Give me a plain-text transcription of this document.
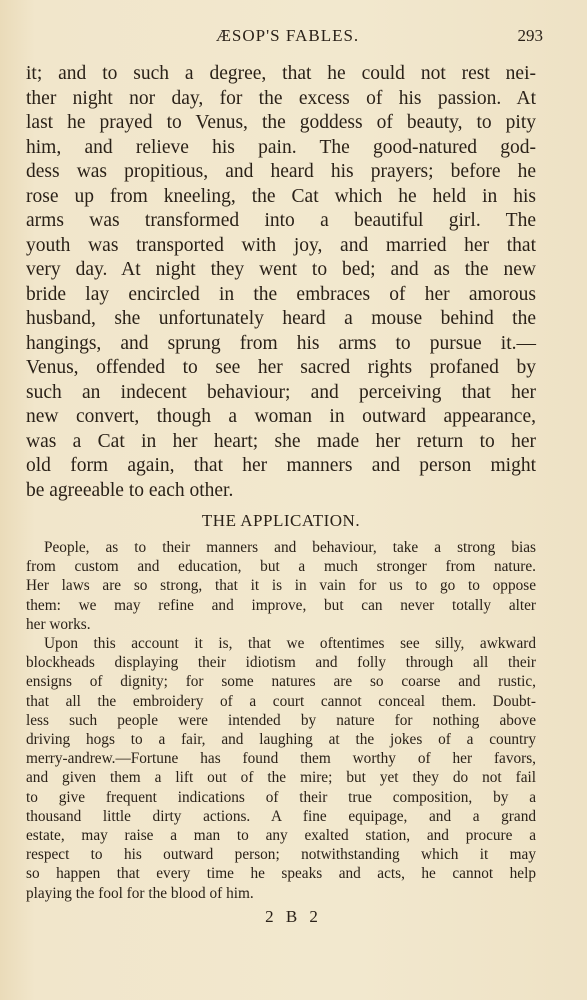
ÆSOP'S FABLES.	293
it; and to such a degree, that he could not rest nei-
ther night nor day, for the excess of his passion. At
last he prayed to Venus, the goddess of beauty, to pity
him, and relieve his pain. The good-natured god-
dess was propitious, and heard his prayers; before he
rose up from kneeling, the Cat which he held in his
arms was transformed into a beautiful girl. The
youth was transported with joy, and married her that
very day. At night they went to bed; and as the new
bride lay encircled in the embraces of her amorous
husband, she unfortunately heard a mouse behind the
hangings, and sprung from his arms to pursue it.—
Venus, offended to see her sacred rights profaned by
such an indecent behaviour; and perceiving that her
new convert, though a woman in outward appearance,
was a Cat in her heart; she made her return to her
old form again, that her manners and person might
be agreeable to each other.
THE APPLICATION.
People, as to their manners and behaviour, take a strong bias
from custom and education, but a much stronger from nature.
Her laws are so strong, that it is in vain for us to go to oppose
them: we may refine and improve, but can never totally alter
her works.
Upon this account it is, that we oftentimes see silly, awkward
blockheads displaying their idiotism and folly through all their
ensigns of dignity; for some natures are so coarse and rustic,
that all the embroidery of a court cannot conceal them. Doubt-
less such people were intended by nature for nothing above
driving hogs to a fair, and laughing at the jokes of a country
merry-andrew.—Fortune has found them worthy of her favors,
and given them a lift out of the mire; but yet they do not fail
to give frequent indications of their true composition, by a
thousand little dirty actions. A fine equipage, and a grand
estate, may raise a man to any exalted station, and procure a
respect to his outward person; notwithstanding which it may
so happen that every time he speaks and acts, he cannot help
playing the fool for the blood of him.
2 B 2
